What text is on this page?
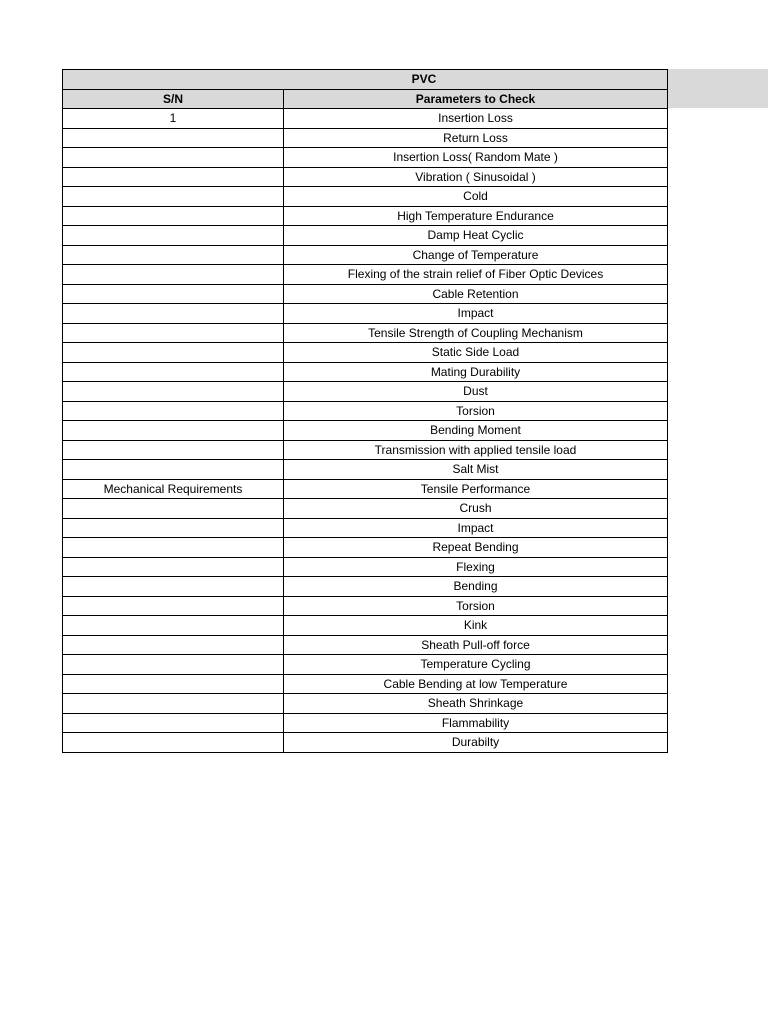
PVC	
S/N	Parameters to Check
1	Insertion Loss
	Return Loss
	Insertion Loss( Random Mate )
	Vibration ( Sinusoidal )
	Cold
	High Temperature Endurance
	Damp Heat Cyclic
	Change of Temperature
	Flexing of the strain relief of Fiber Optic Devices
	Cable Retention
	Impact
	Tensile Strength of Coupling Mechanism
	Static Side Load
	Mating Durability
	Dust
	Torsion
	Bending Moment
	Transmission with applied tensile load
	Salt Mist
Mechanical Requirements	Tensile Performance
	Crush
	Impact
	Repeat Bending
	Flexing
	Bending
	Torsion
	Kink
	Sheath Pull-off force
	Temperature Cycling
	Cable Bending at low Temperature
	Sheath Shrinkage
	Flammability
	Durabilty
